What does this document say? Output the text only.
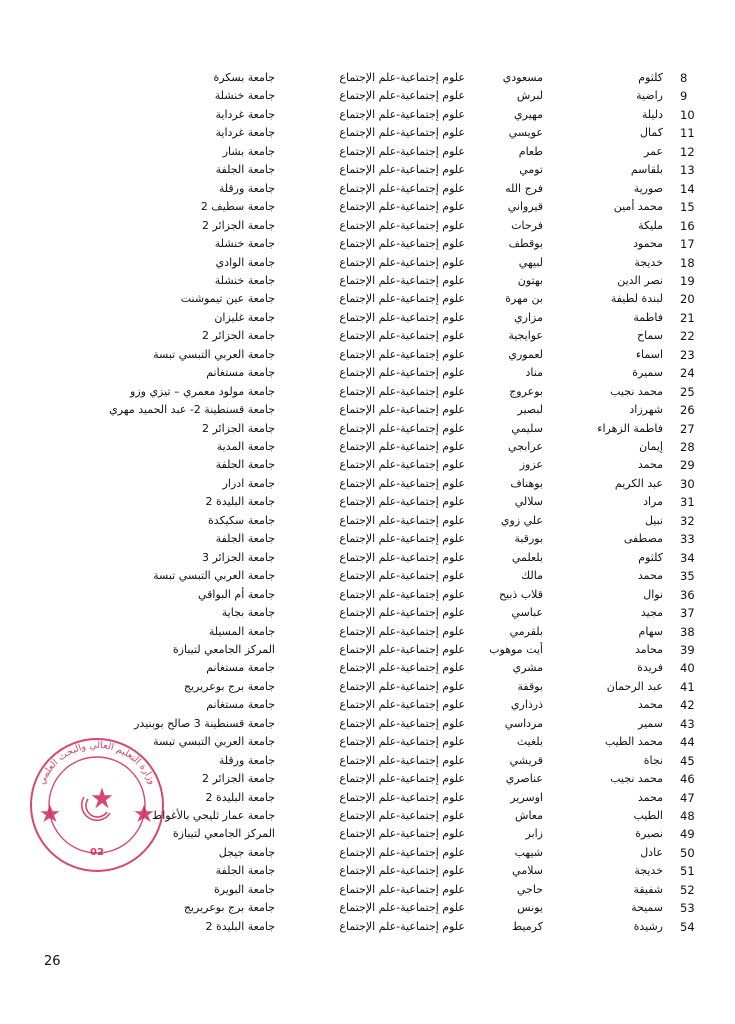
8
كلثوم
مسعودي
علوم إجتماعية-علم الإجتماع
جامعة بسكرة
9
راضية
لبرش
علوم إجتماعية-علم الإجتماع
جامعة خنشلة
10
دليلة
مهيري
علوم إجتماعية-علم الإجتماع
جامعة غرداية
11
كمال
عويسي
علوم إجتماعية-علم الإجتماع
جامعة غرداية
12
عمر
طعام
علوم إجتماعية-علم الإجتماع
جامعة بشار
13
بلقاسم
تومي
علوم إجتماعية-علم الإجتماع
جامعة الجلفة
14
صورية
فرج الله
علوم إجتماعية-علم الإجتماع
جامعة ورقلة
15
محمد أمين
قيرواني
علوم إجتماعية-علم الإجتماع
جامعة سطيف 2
16
مليكة
فرحات
علوم إجتماعية-علم الإجتماع
جامعة الجزائر 2
17
محمود
بوقطف
علوم إجتماعية-علم الإجتماع
جامعة خنشلة
18
خديجة
لبيهي
علوم إجتماعية-علم الإجتماع
جامعة الوادي
19
نصر الدين
بهتون
علوم إجتماعية-علم الإجتماع
جامعة خنشلة
20
لبندة لطيفة
بن مهرة
علوم إجتماعية-علم الإجتماع
جامعة عين تيموشنت
21
فاطمة
مزاري
علوم إجتماعية-علم الإجتماع
جامعة غليزان
22
سماح
عوايجية
علوم إجتماعية-علم الإجتماع
جامعة الجزائر 2
23
اسماء
لعموري
علوم إجتماعية-علم الإجتماع
جامعة العربي التبسي تبسة
24
سميرة
مناد
علوم إجتماعية-علم الإجتماع
جامعة مستغانم
25
محمد نجيب
بوعروج
علوم إجتماعية-علم الإجتماع
جامعة مولود معمري – تيزي وزو
26
شهرزاد
لبصير
علوم إجتماعية-علم الإجتماع
جامعة قسنطينة 2- عبد الحميد مهري
27
فاطمة الزهراء
سليمي
علوم إجتماعية-علم الإجتماع
جامعة الجزائر 2
28
إيمان
عرابجي
علوم إجتماعية-علم الإجتماع
جامعة المدية
29
محمد
عزوز
علوم إجتماعية-علم الإجتماع
جامعة الجلفة
30
عبد الكريم
بوهناف
علوم إجتماعية-علم الإجتماع
جامعة ادرار
31
مراد
سلالي
علوم إجتماعية-علم الإجتماع
جامعة البليدة 2
32
نبيل
علي زوي
علوم إجتماعية-علم الإجتماع
جامعة سكيكدة
33
مصطفى
بورقبة
علوم إجتماعية-علم الإجتماع
جامعة الجلفة
34
كلثوم
بلعلمي
علوم إجتماعية-علم الإجتماع
جامعة الجزائر 3
35
محمد
مالك
علوم إجتماعية-علم الإجتماع
جامعة العربي التبسي تبسة
36
نوال
قلاب ذبيح
علوم إجتماعية-علم الإجتماع
جامعة أم البواقي
37
مجيد
عباسي
علوم إجتماعية-علم الإجتماع
جامعة بجاية
38
سهام
بلقرمي
علوم إجتماعية-علم الإجتماع
جامعة المسيلة
39
محامد
أيت موهوب
علوم إجتماعية-علم الإجتماع
المركز الجامعي لتيبازة
40
فريدة
مشري
علوم إجتماعية-علم الإجتماع
جامعة مستغانم
41
عبد الرحمان
بوقفة
علوم إجتماعية-علم الإجتماع
جامعة برج بوعريريج
42
محمد
ذرذاري
علوم إجتماعية-علم الإجتماع
جامعة مستغانم
43
سمير
مرداسي
علوم إجتماعية-علم الإجتماع
جامعة قسنطينة 3 صالح بوبنيدر
44
محمد الطيب
بلغيث
علوم إجتماعية-علم الإجتماع
جامعة العربي التبسي تبسة
45
نجاة
قريشي
علوم إجتماعية-علم الإجتماع
جامعة ورقلة
46
محمد نجيب
عناصري
علوم إجتماعية-علم الإجتماع
جامعة الجزائر 2
47
محمد
اوسرير
علوم إجتماعية-علم الإجتماع
جامعة البليدة 2
48
الطيب
معاش
علوم إجتماعية-علم الإجتماع
جامعة عمار ثليجي بالأغواط
49
نصيرة
زابر
علوم إجتماعية-علم الإجتماع
المركز الجامعي لتيبازة
50
عادل
شيهب
علوم إجتماعية-علم الإجتماع
جامعة جيجل
51
خديجة
سلامي
علوم إجتماعية-علم الإجتماع
جامعة الجلفة
52
شفيقة
حاجي
علوم إجتماعية-علم الإجتماع
جامعة البويرة
53
سميحة
يونس
علوم إجتماعية-علم الإجتماع
جامعة برج بوعريريج
54
رشيدة
كرميط
علوم إجتماعية-علم الإجتماع
جامعة البليدة 2
وزارة التعليم العالي والبحث العلمي
02
26
